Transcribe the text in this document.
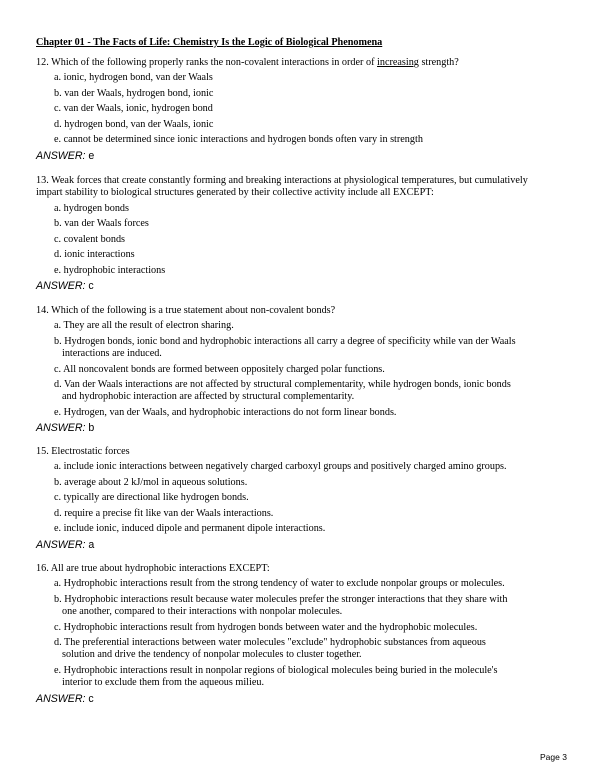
Chapter 01 - The Facts of Life: Chemistry Is the Logic of Biological Phenomena

12. Which of the following properly ranks the non-covalent interactions in order of increasing strength?

a. ionic, hydrogen bond, van der Waals
b. van der Waals, hydrogen bond, ionic
c. van der Waals, ionic, hydrogen bond
d. hydrogen bond, van der Waals, ionic
e. cannot be determined since ionic interactions and hydrogen bonds often vary in strength
ANSWER: e

13. Weak forces that create constantly forming and breaking interactions at physiological temperatures, but cumulatively
impart stability to biological structures generated by their collective activity include all EXCEPT:

a. hydrogen bonds
b. van der Waals forces
c. covalent bonds
d. ionic interactions
e. hydrophobic interactions
ANSWER: c

14. Which of the following is a true statement about non-covalent bonds?

a. They are all the result of electron sharing.
b. Hydrogen bonds, ionic bond and hydrophobic interactions all carry a degree of specificity while van der Waals
interactions are induced.
c. All noncovalent bonds are formed between oppositely charged polar functions.
d. Van der Waals interactions are not affected by structural complementarity, while hydrogen bonds, ionic bonds
and hydrophobic interaction are affected by structural complementarity.
e. Hydrogen, van der Waals, and hydrophobic interactions do not form linear bonds.
ANSWER: b

15. Electrostatic forces

a. include ionic interactions between negatively charged carboxyl groups and positively charged amino groups.
b. average about 2 kJ/mol in aqueous solutions.
c. typically are directional like hydrogen bonds.
d. require a precise fit like van der Waals interactions.
e. include ionic, induced dipole and permanent dipole interactions.
ANSWER: a

16. All are true about hydrophobic interactions EXCEPT:

a. Hydrophobic interactions result from the strong tendency of water to exclude nonpolar groups or molecules.
b. Hydrophobic interactions result because water molecules prefer the stronger interactions that they share with
one another, compared to their interactions with nonpolar molecules.
c. Hydrophobic interactions result from hydrogen bonds between water and the hydrophobic molecules.
d. The preferential interactions between water molecules "exclude" hydrophobic substances from aqueous
solution and drive the tendency of nonpolar molecules to cluster together.
e. Hydrophobic interactions result in nonpolar regions of biological molecules being buried in the molecule's
interior to exclude them from the aqueous milieu.
ANSWER: c
Page 3
